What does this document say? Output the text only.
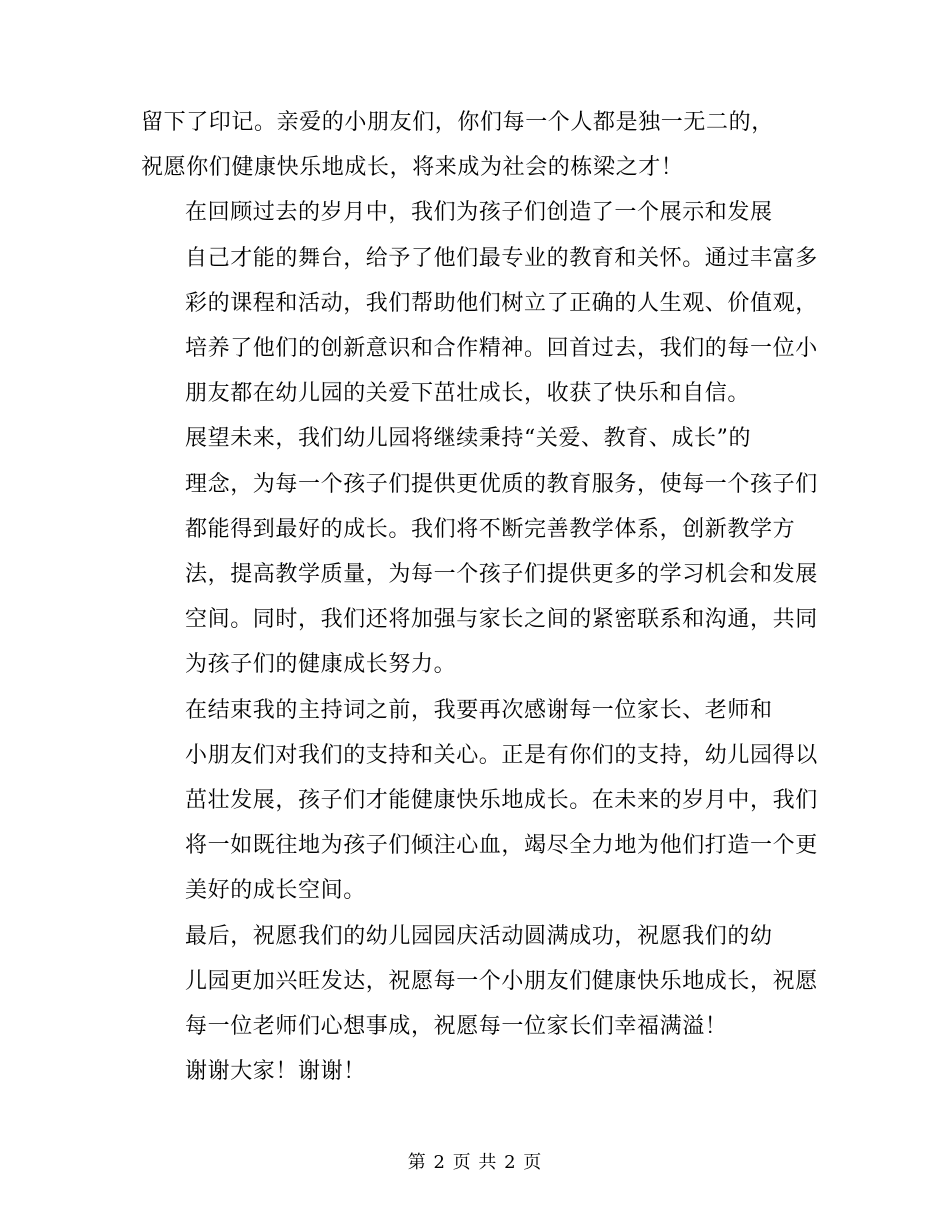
留下了印记。亲爱的小朋友们，你们每一个人都是独一无二的，
祝愿你们健康快乐地成长，将来成为社会的栋梁之才！

在回顾过去的岁月中，我们为孩子们创造了一个展示和发展
自己才能的舞台，给予了他们最专业的教育和关怀。通过丰富多
彩的课程和活动，我们帮助他们树立了正确的人生观、价值观，
培养了他们的创新意识和合作精神。回首过去，我们的每一位小
朋友都在幼儿园的关爱下茁壮成长，收获了快乐和自信。

展望未来，我们幼儿园将继续秉持“关爱、教育、成长”的
理念，为每一个孩子们提供更优质的教育服务，使每一个孩子们
都能得到最好的成长。我们将不断完善教学体系，创新教学方
法，提高教学质量，为每一个孩子们提供更多的学习机会和发展
空间。同时，我们还将加强与家长之间的紧密联系和沟通，共同
为孩子们的健康成长努力。

在结束我的主持词之前，我要再次感谢每一位家长、老师和
小朋友们对我们的支持和关心。正是有你们的支持，幼儿园得以
茁壮发展，孩子们才能健康快乐地成长。在未来的岁月中，我们
将一如既往地为孩子们倾注心血，竭尽全力地为他们打造一个更
美好的成长空间。

最后，祝愿我们的幼儿园园庆活动圆满成功，祝愿我们的幼
儿园更加兴旺发达，祝愿每一个小朋友们健康快乐地成长，祝愿
每一位老师们心想事成，祝愿每一位家长们幸福满溢！

谢谢大家！谢谢！

第 2 页 共 2 页
